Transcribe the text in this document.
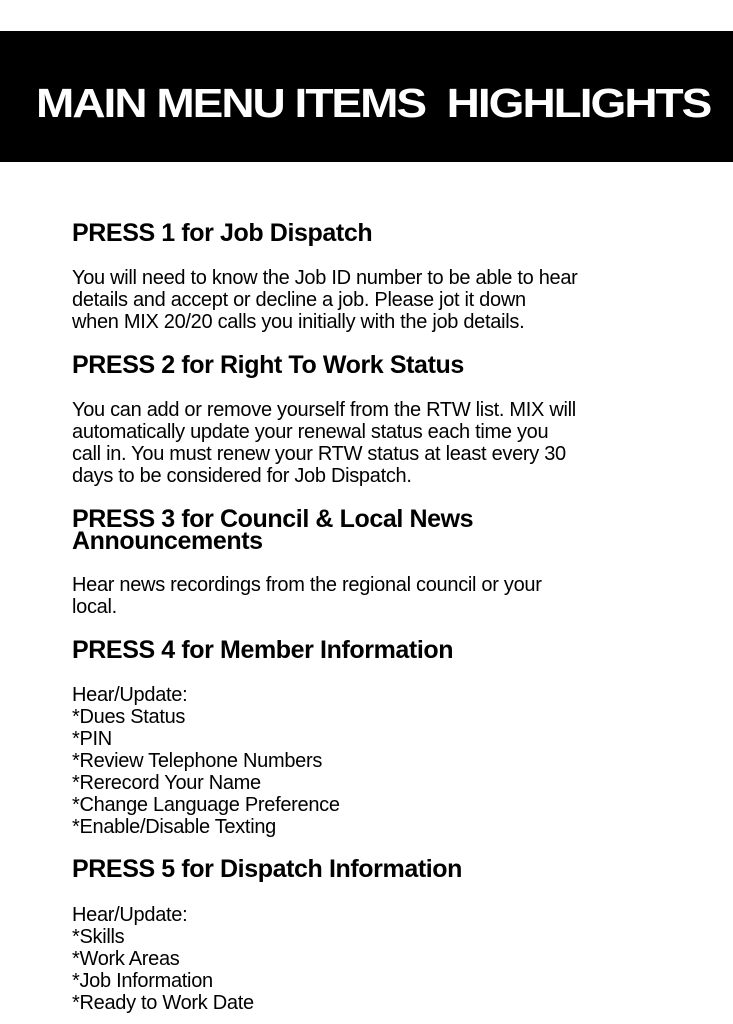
MAIN MENU ITEMS  HIGHLIGHTS
PRESS 1 for Job Dispatch

You will need to know the Job ID number to be able to hear
details and accept or decline a job. Please jot it down
when MIX 20/20 calls you initially with the job details.

PRESS 2 for Right To Work Status

You can add or remove yourself from the RTW list. MIX will
automatically update your renewal status each time you
call in. You must renew your RTW status at least every 30
days to be considered for Job Dispatch.

PRESS 3 for Council & Local News
Announcements

Hear news recordings from the regional council or your
local.

PRESS 4 for Member Information
Hear/Update:
*Dues Status
*PIN
*Review Telephone Numbers
*Rerecord Your Name
*Change Language Preference
*Enable/Disable Texting
PRESS 5 for Dispatch Information
Hear/Update:
*Skills
*Work Areas
*Job Information
*Ready to Work Date
